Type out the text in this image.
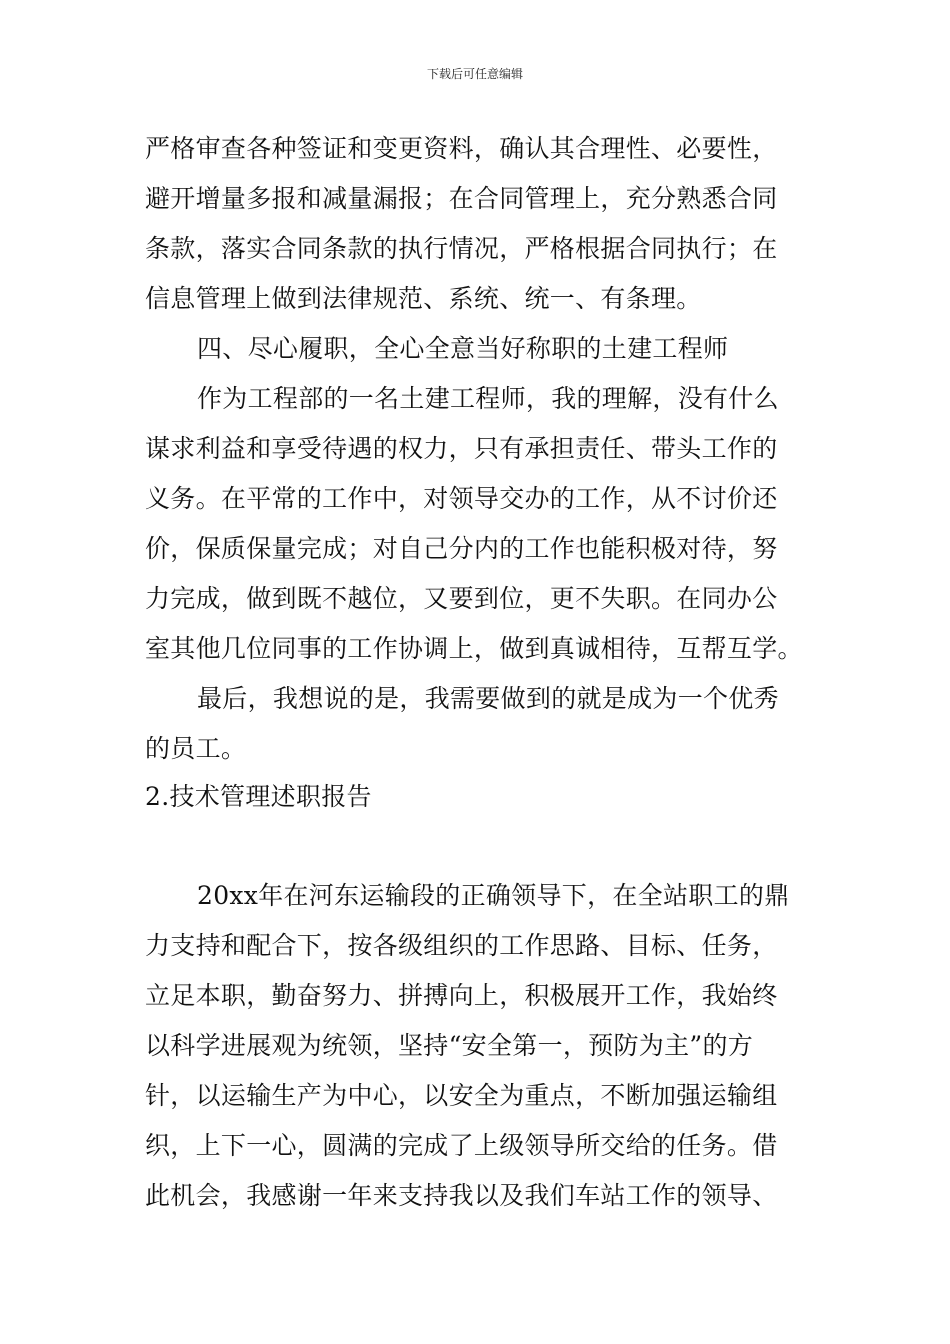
下载后可任意编辑
严格审查各种签证和变更资料，确认其合理性、必要性，
避开增量多报和减量漏报；在合同管理上，充分熟悉合同
条款，落实合同条款的执行情况，严格根据合同执行；在
信息管理上做到法律规范、系统、统一、有条理。
四、尽心履职，全心全意当好称职的土建工程师
作为工程部的一名土建工程师，我的理解，没有什么
谋求利益和享受待遇的权力，只有承担责任、带头工作的
义务。在平常的工作中，对领导交办的工作，从不讨价还
价，保质保量完成；对自己分内的工作也能积极对待，努
力完成，做到既不越位，又要到位，更不失职。在同办公
室其他几位同事的工作协调上，做到真诚相待，互帮互学。
最后，我想说的是，我需要做到的就是成为一个优秀
的员工。
2.技术管理述职报告
20xx年在河东运输段的正确领导下，在全站职工的鼎
力支持和配合下，按各级组织的工作思路、目标、任务，
立足本职，勤奋努力、拼搏向上，积极展开工作，我始终
以科学进展观为统领，坚持“安全第一，预防为主”的方
针，以运输生产为中心，以安全为重点，不断加强运输组
织，上下一心，圆满的完成了上级领导所交给的任务。借
此机会，我感谢一年来支持我以及我们车站工作的领导、
